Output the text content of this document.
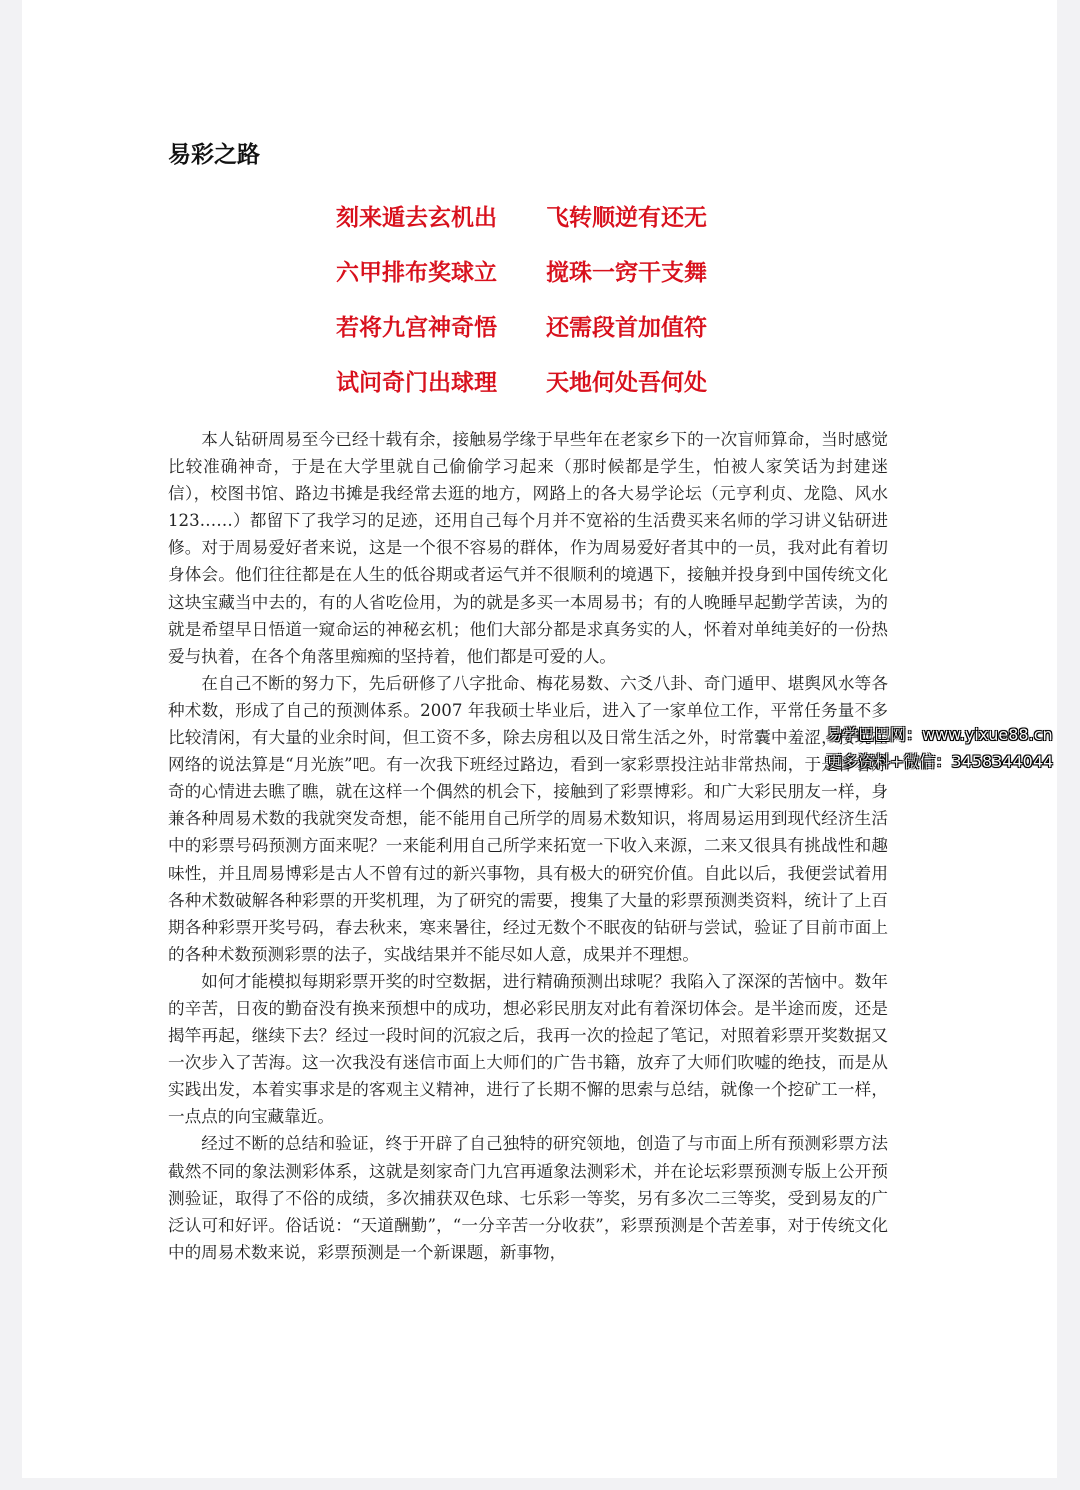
易彩之路
刻来遁去玄机出	飞转顺逆有还无
六甲排布奖球立	搅珠一窍干支舞
若将九宫神奇悟	还需段首加值符
试问奇门出球理	天地何处吾何处

本人钻研周易至今已经十载有余，接触易学缘于早些年在老家乡下的一次盲师算命，当时感觉比较准确神奇，于是在大学里就自己偷偷学习起来（那时候都是学生，怕被人家笑话为封建迷信），校图书馆、路边书摊是我经常去逛的地方，网路上的各大易学论坛（元亨利贞、龙隐、风水 123……）都留下了我学习的足迹，还用自己每个月并不宽裕的生活费买来名师的学习讲义钻研进修。对于周易爱好者来说，这是一个很不容易的群体，作为周易爱好者其中的一员，我对此有着切身体会。他们往往都是在人生的低谷期或者运气并不很顺利的境遇下，接触并投身到中国传统文化这块宝藏当中去的，有的人省吃俭用，为的就是多买一本周易书；有的人晚睡早起勤学苦读，为的就是希望早日悟道一窥命运的神秘玄机；他们大部分都是求真务实的人，怀着对单纯美好的一份热爱与执着，在各个角落里痴痴的坚持着，他们都是可爱的人。

在自己不断的努力下，先后研修了八字批命、梅花易数、六爻八卦、奇门遁甲、堪舆风水等各种术数，形成了自己的预测体系。2007 年我硕士毕业后，进入了一家单位工作，平常任务量不多比较清闲，有大量的业余时间，但工资不多，除去房租以及日常生活之外，时常囊中羞涩，按现在网络的说法算是“月光族”吧。有一次我下班经过路边，看到一家彩票投注站非常热闹，于是怀着好奇的心情进去瞧了瞧，就在这样一个偶然的机会下，接触到了彩票博彩。和广大彩民朋友一样，身兼各种周易术数的我就突发奇想，能不能用自己所学的周易术数知识，将周易运用到现代经济生活中的彩票号码预测方面来呢？一来能利用自己所学来拓宽一下收入来源，二来又很具有挑战性和趣味性，并且周易博彩是古人不曾有过的新兴事物，具有极大的研究价值。自此以后，我便尝试着用各种术数破解各种彩票的开奖机理，为了研究的需要，搜集了大量的彩票预测类资料，统计了上百期各种彩票开奖号码，春去秋来，寒来暑往，经过无数个不眠夜的钻研与尝试，验证了目前市面上的各种术数预测彩票的法子，实战结果并不能尽如人意，成果并不理想。

如何才能模拟每期彩票开奖的时空数据，进行精确预测出球呢？我陷入了深深的苦恼中。数年的辛苦，日夜的勤奋没有换来预想中的成功，想必彩民朋友对此有着深切体会。是半途而废，还是揭竿再起，继续下去？经过一段时间的沉寂之后，我再一次的捡起了笔记，对照着彩票开奖数据又一次步入了苦海。这一次我没有迷信市面上大师们的广告书籍，放弃了大师们吹嘘的绝技，而是从实践出发，本着实事求是的客观主义精神，进行了长期不懈的思索与总结，就像一个挖矿工一样，一点点的向宝藏靠近。

经过不断的总结和验证，终于开辟了自己独特的研究领地，创造了与市面上所有预测彩票方法截然不同的象法测彩体系，这就是刻家奇门九宫再遁象法测彩术，并在论坛彩票预测专版上公开预测验证，取得了不俗的成绩，多次捕获双色球、七乐彩一等奖，另有多次二三等奖，受到易友的广泛认可和好评。俗话说：“天道酬勤”，“一分辛苦一分收获”，彩票预测是个苦差事，对于传统文化中的周易术数来说，彩票预测是一个新课题，新事物，

易学巴巴网：www.yixue88.cn
更多资料+微信：3458344044
